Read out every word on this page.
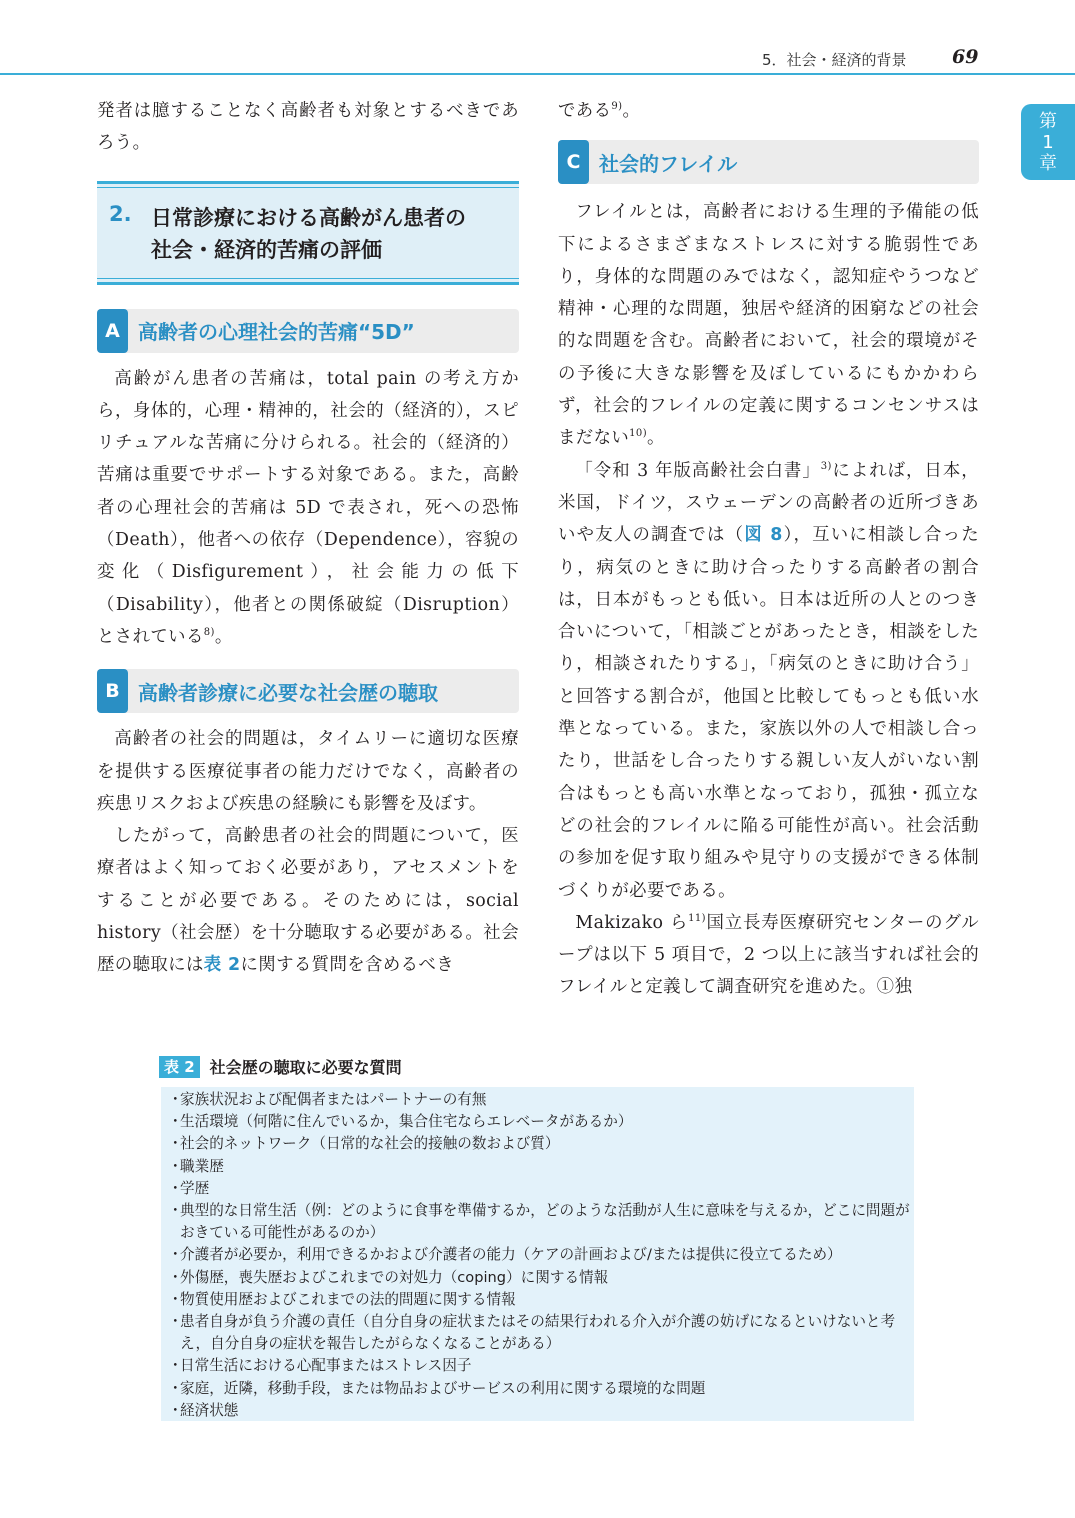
5．社会・経済的背景 69
第
1
章

発者は臆することなく高齢者も対象とするべきであろう。

2. 日常診療における高齢がん患者の
社会・経済的苦痛の評価
A 高齢者の心理社会的苦痛“5D”

高齢がん患者の苦痛は，total pain の考え方から，身体的，心理・精神的，社会的（経済的），スピリチュアルな苦痛に分けられる。社会的（経済的）苦痛は重要でサポートする対象である。また，高齢者の心理社会的苦痛は 5D で表され，死への恐怖（Death），他者への依存（Dependence），容貌の変化（Disfigurement），社会能力の低下（Disability），他者との関係破綻（Disruption）とされている$^{8)}$。

B 高齢者診療に必要な社会歴の聴取

高齢者の社会的問題は，タイムリーに適切な医療を提供する医療従事者の能力だけでなく，高齢者の疾患リスクおよび疾患の経験にも影響を及ぼす。

したがって，高齢患者の社会的問題について，医療者はよく知っておく必要があり，アセスメントをすることが必要である。そのためには，social history（社会歴）を十分聴取する必要がある。社会歴の聴取には表 2に関する質問を含めるべき

である$^{9)}$。

C 社会的フレイル

フレイルとは，高齢者における生理的予備能の低下によるさまざまなストレスに対する脆弱性であり，身体的な問題のみではなく，認知症やうつなど精神・心理的な問題，独居や経済的困窮などの社会的な問題を含む。高齢者において，社会的環境がその予後に大きな影響を及ぼしているにもかかわらず，社会的フレイルの定義に関するコンセンサスはまだない$^{10)}$。

「令和 3 年版高齢社会白書」$^{3)}$によれば，日本，米国，ドイツ，スウェーデンの高齢者の近所づきあいや友人の調査では（図 8），互いに相談し合ったり，病気のときに助け合ったりする高齢者の割合は，日本がもっとも低い。日本は近所の人とのつき合いについて，「相談ごとがあったとき，相談をしたり，相談されたりする」，「病気のときに助け合う」と回答する割合が，他国と比較してもっとも低い水準となっている。また，家族以外の人で相談し合ったり，世話をし合ったりする親しい友人がいない割合はもっとも高い水準となっており，孤独・孤立などの社会的フレイルに陥る可能性が高い。社会活動の参加を促す取り組みや見守りの支援ができる体制づくりが必要である。

Makizako ら$^{11)}$国立長寿医療研究センターのグループは以下 5 項目で，2 つ以上に該当すれば社会的フレイルと定義して調査研究を進めた。①独

表 2 社会歴の聴取に必要な質問
・
家族状況および配偶者またはパートナーの有無
・
生活環境（何階に住んでいるか，集合住宅ならエレベータがあるか）
・
社会的ネットワーク（日常的な社会的接触の数および質）
・
職業歴
・
学歴
・
典型的な日常生活（例：どのように食事を準備するか，どのような活動が人生に意味を与えるか，どこに問題がおきている可能性があるのか）
・
介護者が必要か，利用できるかおよび介護者の能力（ケアの計画および/または提供に役立てるため）
・
外傷歴，喪失歴およびこれまでの対処力（coping）に関する情報
・
物質使用歴およびこれまでの法的問題に関する情報
・
患者自身が負う介護の責任（自分自身の症状またはその結果行われる介入が介護の妨げになるといけないと考え，自分自身の症状を報告したがらなくなることがある）
・
日常生活における心配事またはストレス因子
・
家庭，近隣，移動手段，または物品およびサービスの利用に関する環境的な問題
・
経済状態
